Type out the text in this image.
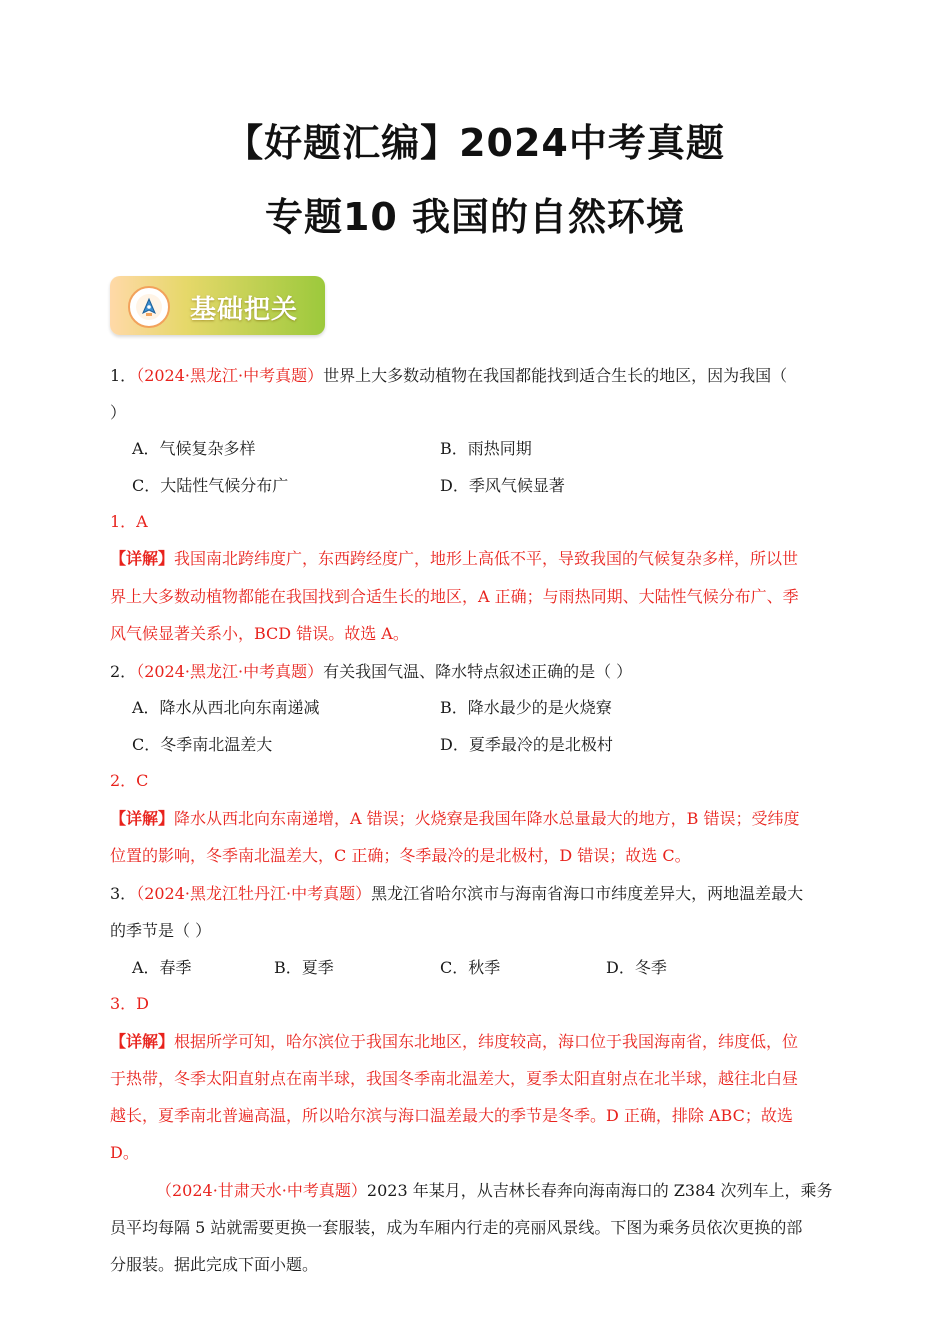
【好题汇编】2024中考真题
专题10 我国的自然环境
基础把关
1．（2024·黑龙江·中考真题）世界上大多数动植物在我国都能找到适合生长的地区，因为我国（
）
A．气候复杂多样	B．雨热同期
C．大陆性气候分布广	D．季风气候显著
1．A
【详解】我国南北跨纬度广，东西跨经度广，地形上高低不平，导致我国的气候复杂多样，所以世
界上大多数动植物都能在我国找到合适生长的地区，A 正确；与雨热同期、大陆性气候分布广、季
风气候显著关系小，BCD 错误。故选 A。
2．（2024·黑龙江·中考真题）有关我国气温、降水特点叙述正确的是（ ）
A．降水从西北向东南递减	B．降水最少的是火烧寮
C．冬季南北温差大	D．夏季最冷的是北极村
2．C
【详解】降水从西北向东南递增，A 错误；火烧寮是我国年降水总量最大的地方，B 错误；受纬度
位置的影响，冬季南北温差大，C 正确；冬季最冷的是北极村，D 错误；故选 C。
3．（2024·黑龙江牡丹江·中考真题）黑龙江省哈尔滨市与海南省海口市纬度差异大，两地温差最大
的季节是（ ）
A．春季	B．夏季	C．秋季	D．冬季
3．D
【详解】根据所学可知，哈尔滨位于我国东北地区，纬度较高，海口位于我国海南省，纬度低，位
于热带，冬季太阳直射点在南半球，我国冬季南北温差大，夏季太阳直射点在北半球，越往北白昼
越长，夏季南北普遍高温，所以哈尔滨与海口温差最大的季节是冬季。D 正确，排除 ABC；故选
D。
（2024·甘肃天水·中考真题）2023 年某月，从吉林长春奔向海南海口的 Z384 次列车上，乘务
员平均每隔 5 站就需要更换一套服装，成为车厢内行走的亮丽风景线。下图为乘务员依次更换的部
分服装。据此完成下面小题。
